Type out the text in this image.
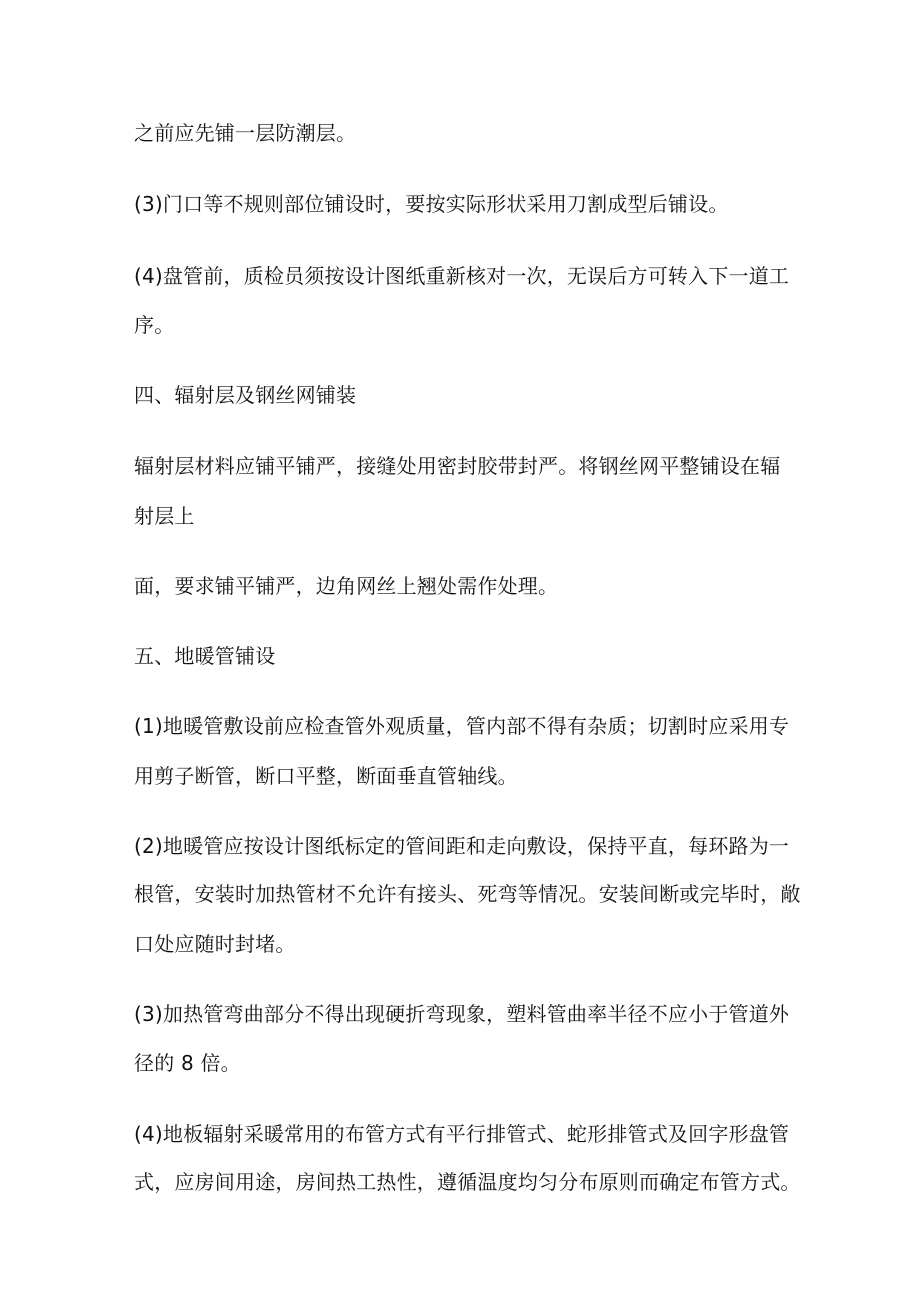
之前应先铺一层防潮层。
(3)门口等不规则部位铺设时，要按实际形状采用刀割成型后铺设。
(4)盘管前，质检员须按设计图纸重新核对一次，无误后方可转入下一道工
序。
四、辐射层及钢丝网铺装
辐射层材料应铺平铺严，接缝处用密封胶带封严。将钢丝网平整铺设在辐
射层上
面，要求铺平铺严，边角网丝上翘处需作处理。
五、地暖管铺设
(1)地暖管敷设前应检查管外观质量，管内部不得有杂质；切割时应采用专
用剪子断管，断口平整，断面垂直管轴线。
(2)地暖管应按设计图纸标定的管间距和走向敷设，保持平直，每环路为一
根管，安装时加热管材不允许有接头、死弯等情况。安装间断或完毕时，敞
口处应随时封堵。
(3)加热管弯曲部分不得出现硬折弯现象，塑料管曲率半径不应小于管道外
径的 8 倍。
(4)地板辐射采暖常用的布管方式有平行排管式、蛇形排管式及回字形盘管
式，应房间用途，房间热工热性，遵循温度均匀分布原则而确定布管方式。
